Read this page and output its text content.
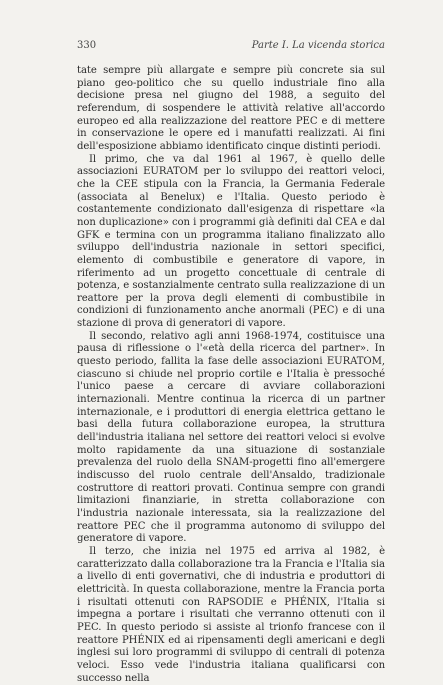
330	Parte I. La vicenda storica

tate sempre più allargate e sempre più concrete sia sul piano geo-politico che su quello industriale fino alla decisione presa nel giugno del 1988, a seguito del referendum, di sospendere le attività relative all'accordo europeo ed alla realizzazione del reattore PEC e di mettere in conservazione le opere ed i manufatti realizzati. Ai fini dell'esposizione abbiamo identificato cinque distinti periodi.

Il primo, che va dal 1961 al 1967, è quello delle associazioni EURATOM per lo sviluppo dei reattori veloci, che la CEE stipula con la Francia, la Germania Federale (associata al Benelux) e l'Italia. Questo periodo è costantemente condizionato dall'esigenza di rispettare «la non duplicazione» con i programmi già definiti dal CEA e dal GFK e termina con un programma italiano finalizzato allo sviluppo dell'industria nazionale in settori specifici, elemento di combustibile e generatore di vapore, in riferimento ad un progetto concettuale di centrale di potenza, e sostanzialmente centrato sulla realizzazione di un reattore per la prova degli elementi di combustibile in condizioni di funzionamento anche anormali (PEC) e di una stazione di prova di generatori di vapore.

Il secondo, relativo agli anni 1968-1974, costituisce una pausa di riflessione o l'«età della ricerca del partner». In questo periodo, fallita la fase delle associazioni EURATOM, ciascuno si chiude nel proprio cortile e l'Italia è pressoché l'unico paese a cercare di avviare collaborazioni internazionali. Mentre continua la ricerca di un partner internazionale, e i produttori di energia elettrica gettano le basi della futura collaborazione europea, la struttura dell'industria italiana nel settore dei reattori veloci si evolve molto rapidamente da una situazione di sostanziale prevalenza del ruolo della SNAM-progetti fino all'emergere indiscusso del ruolo centrale dell'Ansaldo, tradizionale costruttore di reattori provati. Continua sempre con grandi limitazioni finanziarie, in stretta collaborazione con l'industria nazionale interessata, sia la realizzazione del reattore PEC che il programma autonomo di sviluppo del generatore di vapore.

Il terzo, che inizia nel 1975 ed arriva al 1982, è caratterizzato dalla collaborazione tra la Francia e l'Italia sia a livello di enti governativi, che di industria e produttori di elettricità. In questa collaborazione, mentre la Francia porta i risultati ottenuti con RAPSODIE e PHÉNIX, l'Italia si impegna a portare i risultati che verranno ottenuti con il PEC. In questo periodo si assiste al trionfo francese con il reattore PHÉNIX ed ai ripensamenti degli americani e degli inglesi sui loro programmi di sviluppo di centrali di potenza veloci. Esso vede l'industria italiana qualificarsi con successo nella
